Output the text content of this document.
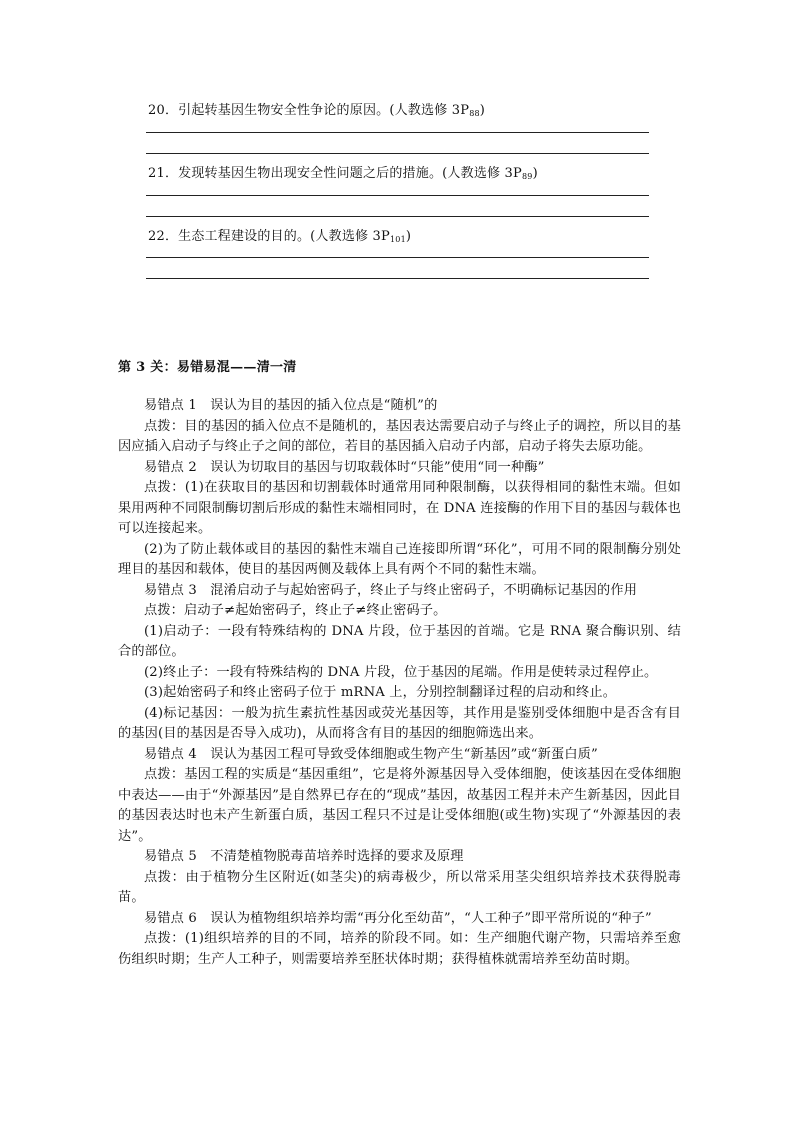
20．引起转基因生物安全性争论的原因。(人教选修 $3P_{88}$)
21．发现转基因生物出现安全性问题之后的措施。(人教选修 $3P_{89}$)
22．生态工程建设的目的。(人教选修 $3P_{101}$)
第 3 关：易错易混——清一清

易错点 1　误认为目的基因的插入位点是“随机”的

点拨：目的基因的插入位点不是随机的，基因表达需要启动子与终止子的调控，所以目的基因应插入启动子与终止子之间的部位，若目的基因插入启动子内部，启动子将失去原功能。

易错点 2　误认为切取目的基因与切取载体时“只能”使用“同一种酶”

点拨：(1)在获取目的基因和切割载体时通常用同种限制酶，以获得相同的黏性末端。但如果用两种不同限制酶切割后形成的黏性末端相同时，在 DNA 连接酶的作用下目的基因与载体也可以连接起来。

(2)为了防止载体或目的基因的黏性末端自己连接即所谓“环化”，可用不同的限制酶分别处理目的基因和载体，使目的基因两侧及载体上具有两个不同的黏性末端。

易错点 3　混淆启动子与起始密码子，终止子与终止密码子，不明确标记基因的作用

点拨：启动子≠起始密码子，终止子≠终止密码子。

(1)启动子：一段有特殊结构的 DNA 片段，位于基因的首端。它是 RNA 聚合酶识别、结合的部位。

(2)终止子：一段有特殊结构的 DNA 片段，位于基因的尾端。作用是使转录过程停止。

(3)起始密码子和终止密码子位于 mRNA 上，分别控制翻译过程的启动和终止。

(4)标记基因：一般为抗生素抗性基因或荧光基因等，其作用是鉴别受体细胞中是否含有目的基因(目的基因是否导入成功)，从而将含有目的基因的细胞筛选出来。

易错点 4　误认为基因工程可导致受体细胞或生物产生“新基因”或“新蛋白质”

点拨：基因工程的实质是“基因重组”，它是将外源基因导入受体细胞，使该基因在受体细胞中表达——由于“外源基因”是自然界已存在的“现成”基因，故基因工程并未产生新基因，因此目的基因表达时也未产生新蛋白质，基因工程只不过是让受体细胞(或生物)实现了“外源基因的表达”。

易错点 5　不清楚植物脱毒苗培养时选择的要求及原理

点拨：由于植物分生区附近(如茎尖)的病毒极少，所以常采用茎尖组织培养技术获得脱毒苗。

易错点 6　误认为植物组织培养均需“再分化至幼苗”，“人工种子”即平常所说的“种子”

点拨：(1)组织培养的目的不同，培养的阶段不同。如：生产细胞代谢产物，只需培养至愈伤组织时期；生产人工种子，则需要培养至胚状体时期；获得植株就需培养至幼苗时期。
